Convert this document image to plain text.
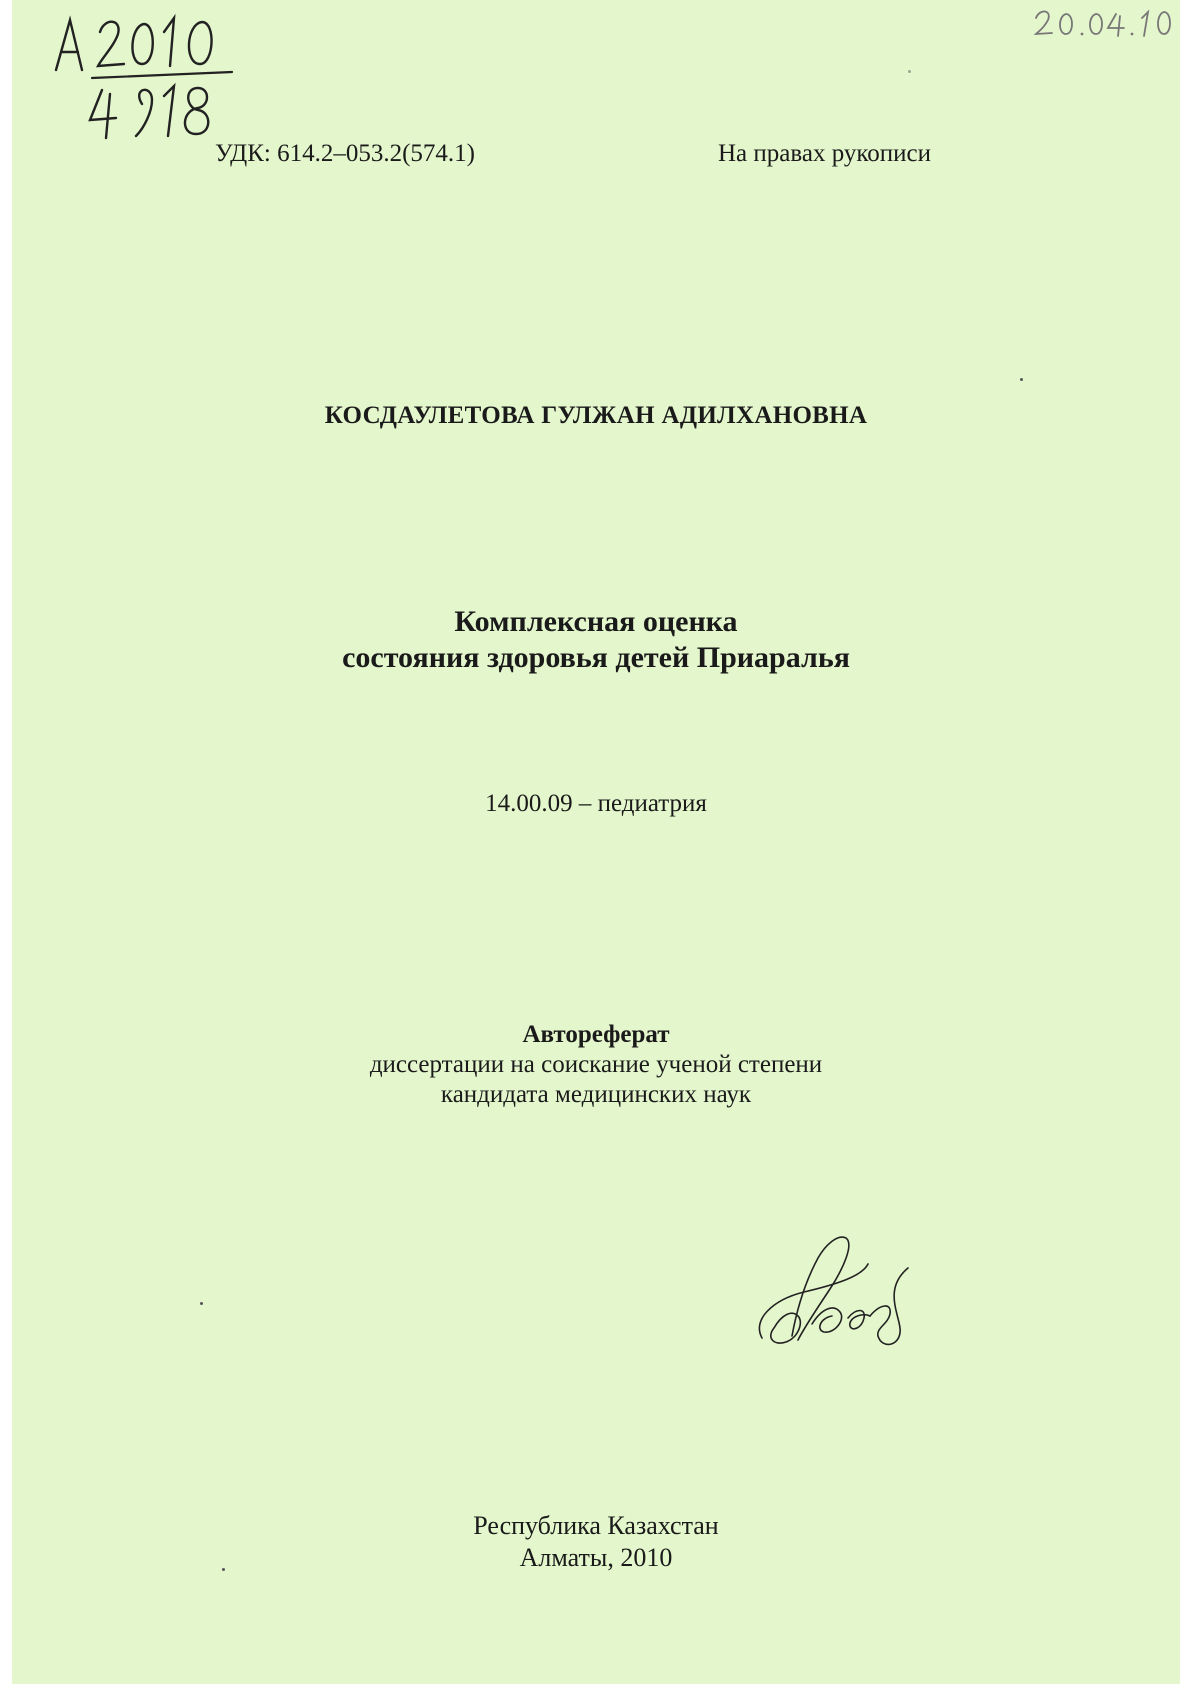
УДК: 614.2–053.2(574.1)	На правах рукописи
КОСДАУЛЕТОВА ГУЛЖАН АДИЛХАНОВНА
Комплексная оценка
состояния здоровья детей Приаралья
14.00.09 – педиатрия
Автореферат
диссертации на соискание ученой степени
кандидата медицинских наук
Республика Казахстан
Алматы, 2010
